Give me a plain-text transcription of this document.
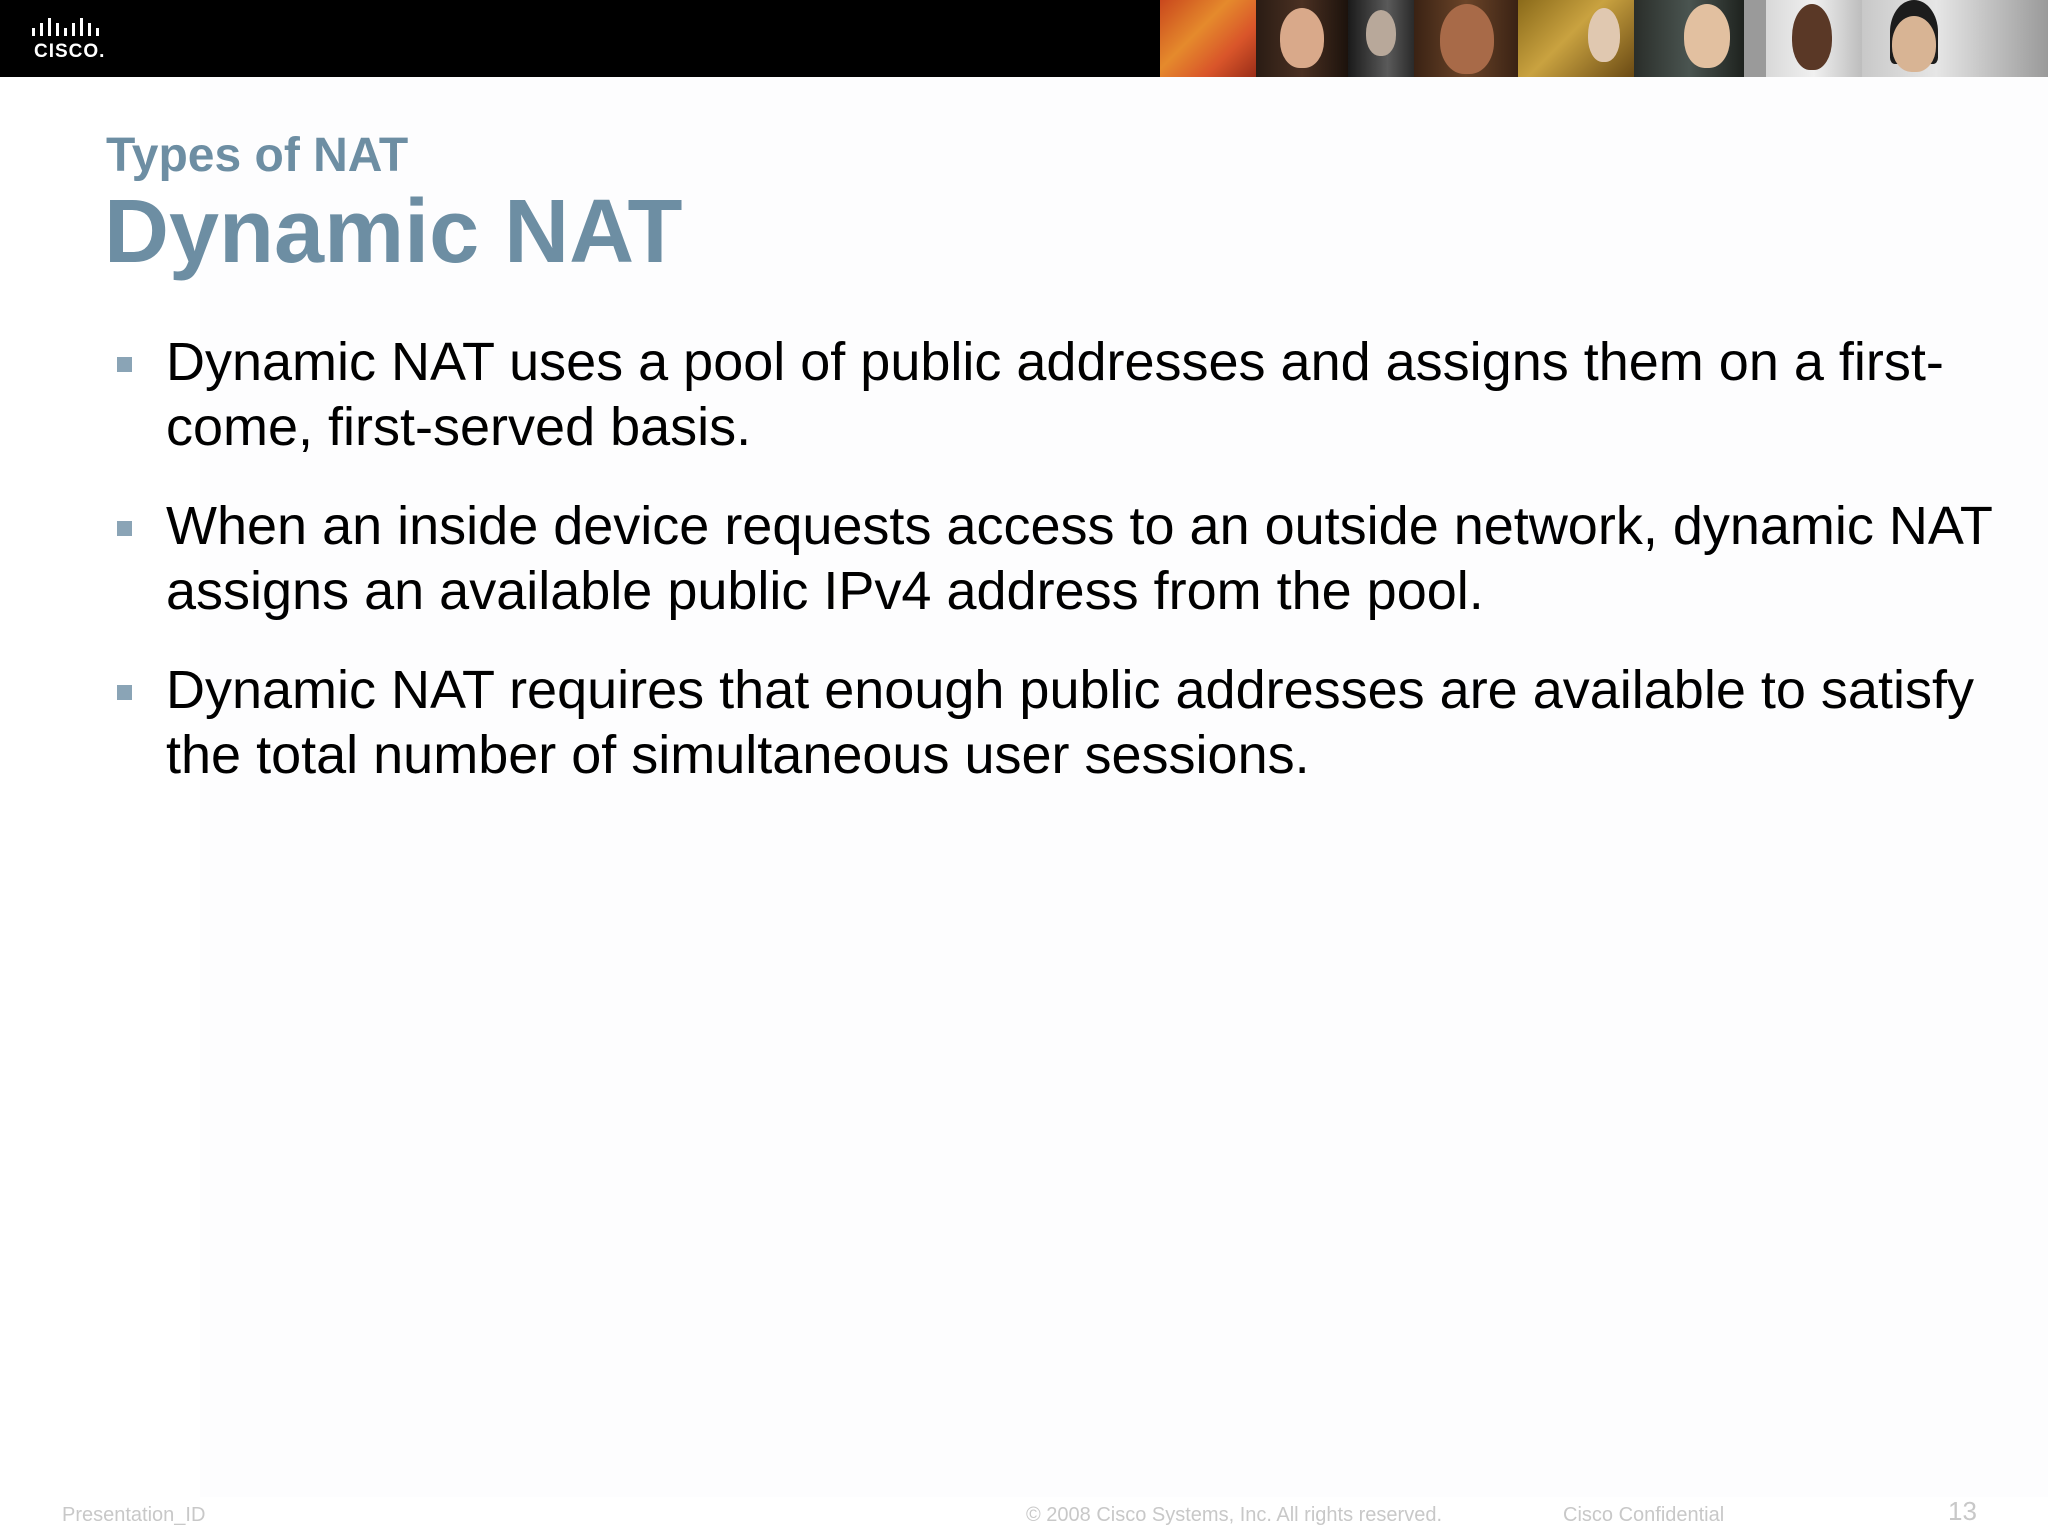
CISCO.
Types of NAT
Dynamic NAT
Dynamic NAT uses a pool of public addresses and assigns them on a first-come, first-served basis.
When an inside device requests access to an outside network, dynamic NAT assigns an available public IPv4 address from the pool.
Dynamic NAT requires that enough public addresses are available to satisfy the total number of simultaneous user sessions.
Presentation_ID	© 2008 Cisco Systems, Inc. All rights reserved.	Cisco Confidential	13
